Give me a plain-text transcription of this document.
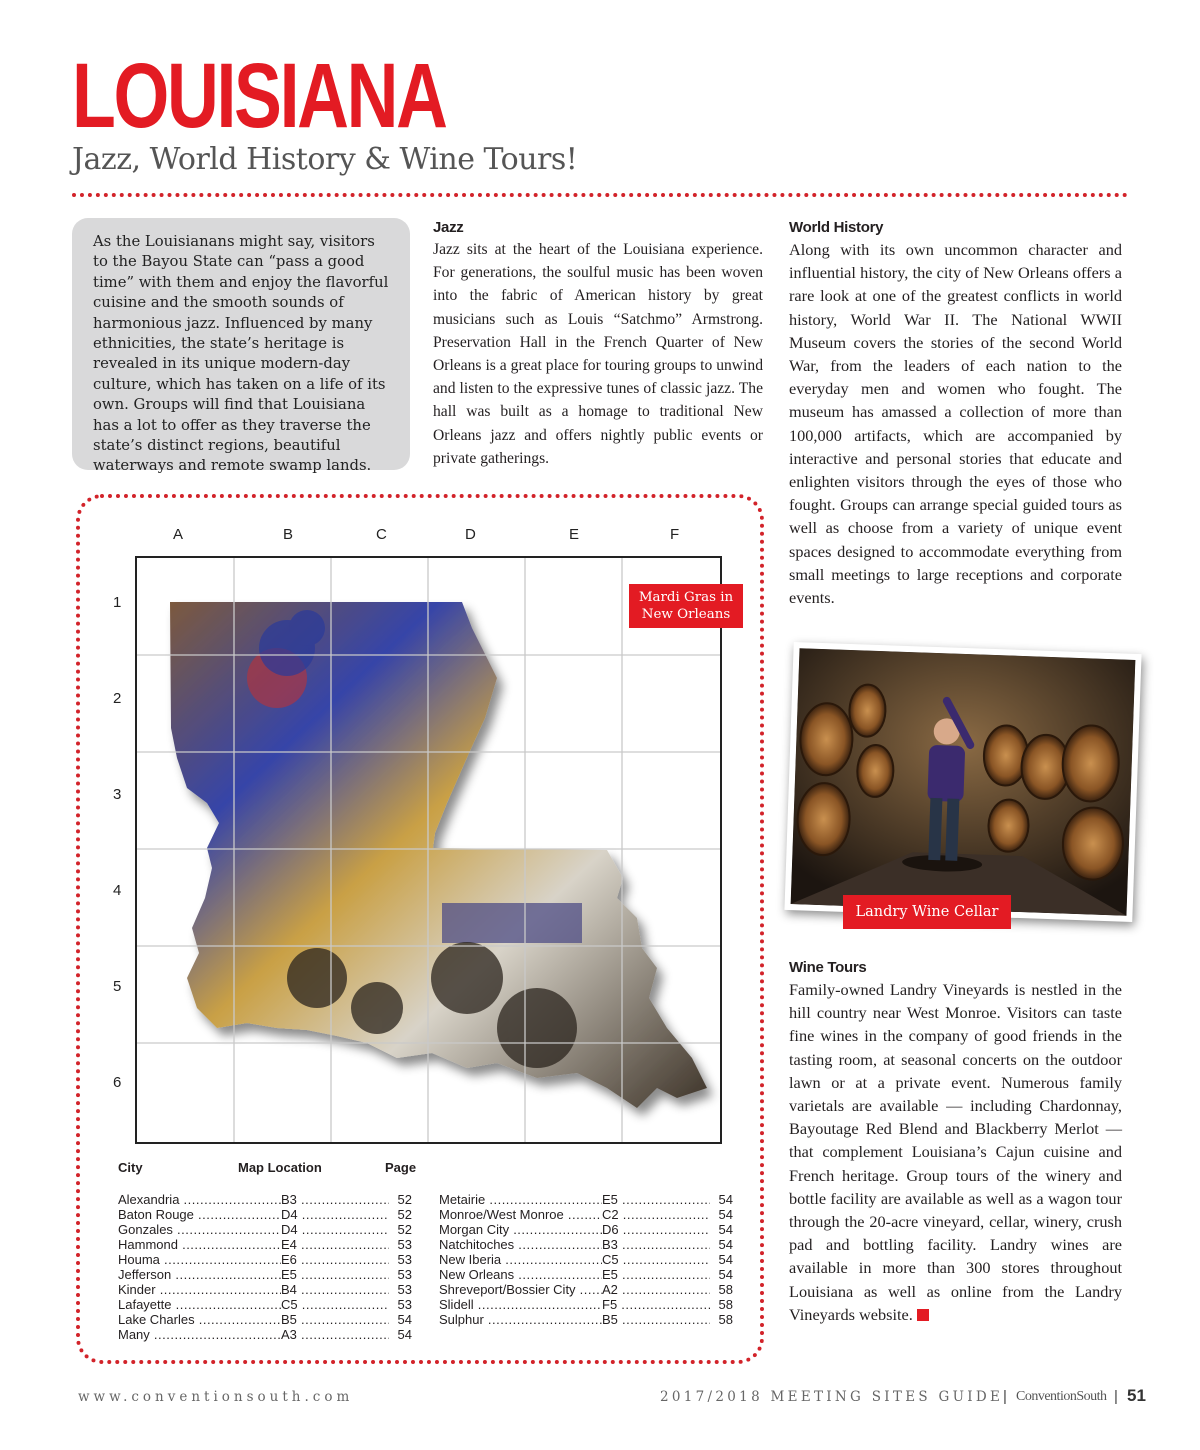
LOUISIANA
Jazz, World History & Wine Tours!

As the Louisianans might say, visitors to the Bayou State can “pass a good time” with them and enjoy the flavorful cuisine and the smooth sounds of harmonious jazz. Influenced by many ethnicities, the state’s heritage is revealed in its unique modern-day culture, which has taken on a life of its own. Groups will find that Louisiana has a lot to offer as they traverse the state’s distinct regions, beautiful waterways and remote swamp lands.

Jazz

Jazz sits at the heart of the Louisiana experience. For generations, the soulful music has been woven into the fabric of American history by great musicians such as Louis “Satchmo” Armstrong. Preservation Hall in the French Quarter of New Orleans is a great place for touring groups to unwind and listen to the expressive tunes of classic jazz. The hall was built as a homage to traditional New Orleans jazz and offers nightly public events or private gatherings.

World History

Along with its own uncommon character and influential history, the city of New Orleans offers a rare look at one of the greatest conflicts in world history, World War II. The National WWII Museum covers the stories of the second World War, from the leaders of each nation to the everyday men and women who fought. The museum has amassed a collection of more than 100,000 artifacts, which are accompanied by interactive and personal stories that educate and enlighten visitors through the eyes of those who fought. Groups can arrange special guided tours as well as choose from a variety of unique event spaces designed to accommodate everything from small meetings to large receptions and corporate events.

Landry Wine Cellar
Wine Tours

Family-owned Landry Vineyards is nestled in the hill country near West Monroe. Visitors can taste fine wines in the company of good friends in the tasting room, at seasonal concerts on the outdoor lawn or at a private event. Numerous family varietals are available — including Chardonnay, Bayoutage Red Blend and Blackberry Merlot — that complement Louisiana’s Cajun cuisine and French heritage. Group tours of the winery and bottle facility are available as well as a wagon tour through the 20-acre vineyard, cellar, winery, crush pad and bottling facility. Landry wines are available in more than 300 stores throughout Louisiana as well as online from the Landry Vineyards website.

A	B	C	D	E	F
1
2
3
4
5
6
Mardi Gras in New Orleans
City	Map Location	Page
Alexandria .....	B3 .....	52
Baton Rouge .....	D4 .....	52
Gonzales .....	D4 .....	52
Hammond .....	E4 .....	53
Houma .....	E6 .....	53
Jefferson .....	E5 .....	53
Kinder .....	B4 .....	53
Lafayette .....	C5 .....	53
Lake Charles .....	B5 .....	54
Many .....	A3 .....	54
Metairie .....	E5 .....	54
Monroe/West Monroe .....	C2 .....	54
Morgan City .....	D6 .....	54
Natchitoches .....	B3 .....	54
New Iberia .....	C5 .....	54
New Orleans .....	E5 .....	54
Shreveport/Bossier City .....	A2 .....	58
Slidell .....	F5 .....	58
Sulphur .....	B5 .....	58
www.conventionsouth.com	2017/2018 MEETING SITES GUIDE | ConventionSouth | 51
